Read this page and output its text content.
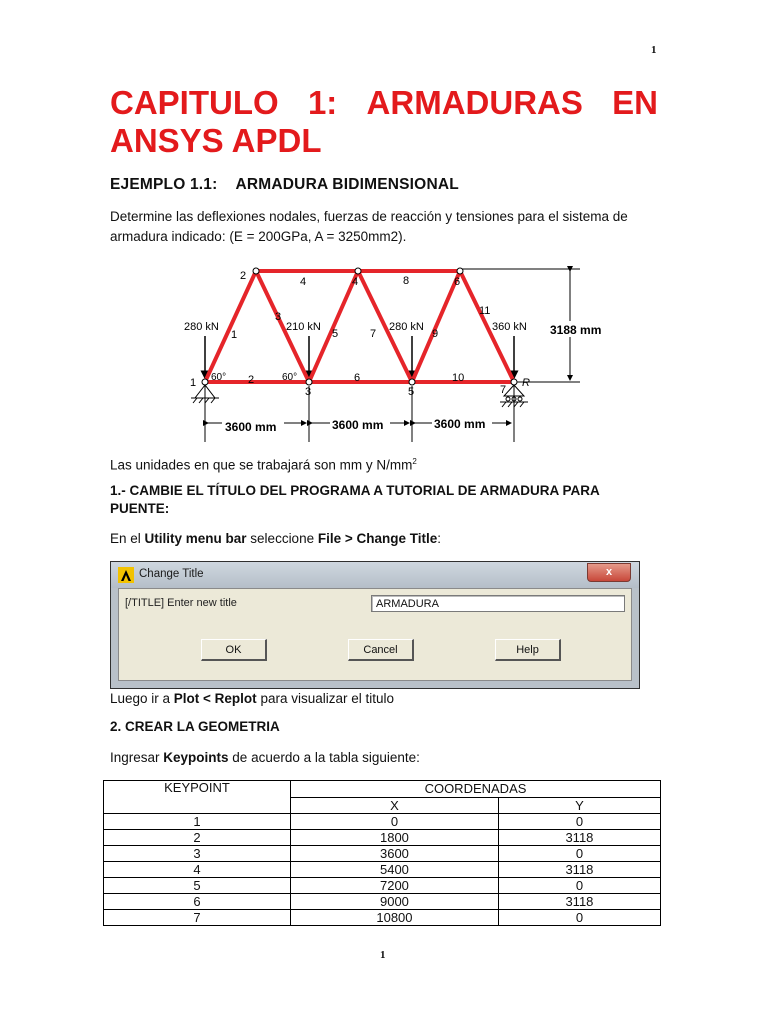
1
CAPITULO 1: ARMADURAS EN
ANSYS APDL
EJEMPLO 1.1: ARMADURA BIDIMENSIONAL
Determine las deflexiones nodales, fuerzas de reacción y tensiones para el sistema de armadura indicado: (E = 200GPa, A = 3250mm2).
2
1
3
4
5
6
7
1
2
3
4
5
6
7
8
9
10
11
280 kN	210 kN	280 kN	360 kN
60°	60°	R
3188 mm
3600 mm	3600 mm	3600 mm
Las unidades en que se trabajará son mm y $N/mm^2$
1.- CAMBIE EL TÍTULO DEL PROGRAMA A TUTORIAL DE ARMADURA PARA PUENTE:
En el Utility menu bar seleccione File > Change Title:
Change Title	x
[/TITLE] Enter new title	ARMADURA
OK	Cancel	Help
Luego ir a Plot < Replot para visualizar el titulo
2. CREAR LA GEOMETRIA
Ingresar Keypoints de acuerdo a la tabla siguiente:
KEYPOINT	COORDENADAS	
	X	Y
1	0	0
2	1800	3118
3	3600	0
4	5400	3118
5	7200	0
6	9000	3118
7	10800	0
1
